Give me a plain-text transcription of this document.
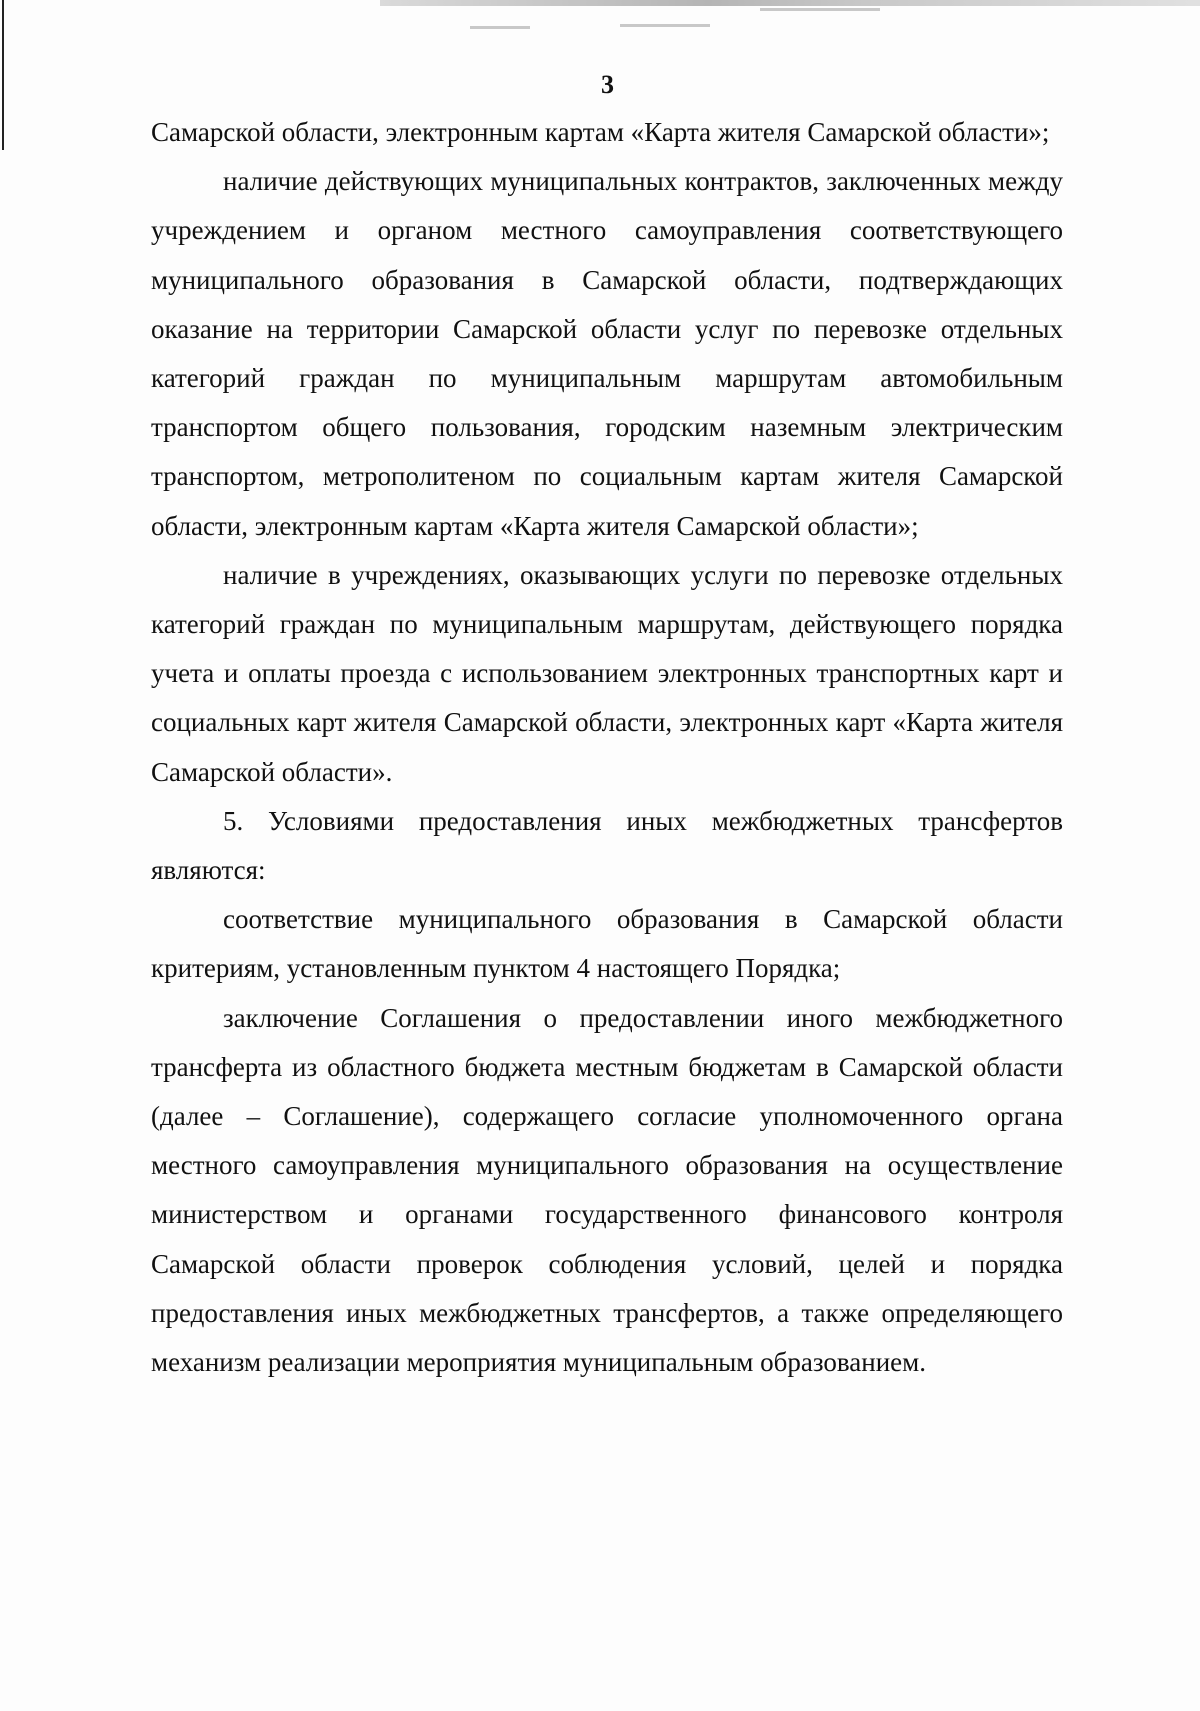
3

Самарской области, электронным картам «Карта жителя Самарской области»;

наличие действующих муниципальных контрактов, заключенных между учреждением и органом местного самоуправления соответствующего муниципального образования в Самарской области, подтверждающих оказание на территории Самарской области услуг по перевозке отдельных категорий граждан по муниципальным маршрутам автомобильным транспортом общего пользования, городским наземным электрическим транспортом, метрополитеном по социальным картам жителя Самарской области, электронным картам «Карта жителя Самарской области»;

наличие в учреждениях, оказывающих услуги по перевозке отдельных категорий граждан по муниципальным маршрутам, действующего порядка учета и оплаты проезда с использованием электронных транспортных карт и социальных карт жителя Самарской области, электронных карт «Карта жителя Самарской области».

5. Условиями предоставления иных межбюджетных трансфертов являются:

соответствие муниципального образования в Самарской области критериям, установленным пунктом 4 настоящего Порядка;

заключение Соглашения о предоставлении иного межбюджетного трансферта из областного бюджета местным бюджетам в Самарской области (далее – Соглашение), содержащего согласие уполномоченного органа местного самоуправления муниципального образования на осуществление министерством и органами государственного финансового контроля Самарской области проверок соблюдения условий, целей и порядка предоставления иных межбюджетных трансфертов, а также определяющего механизм реализации мероприятия муниципальным образованием.
